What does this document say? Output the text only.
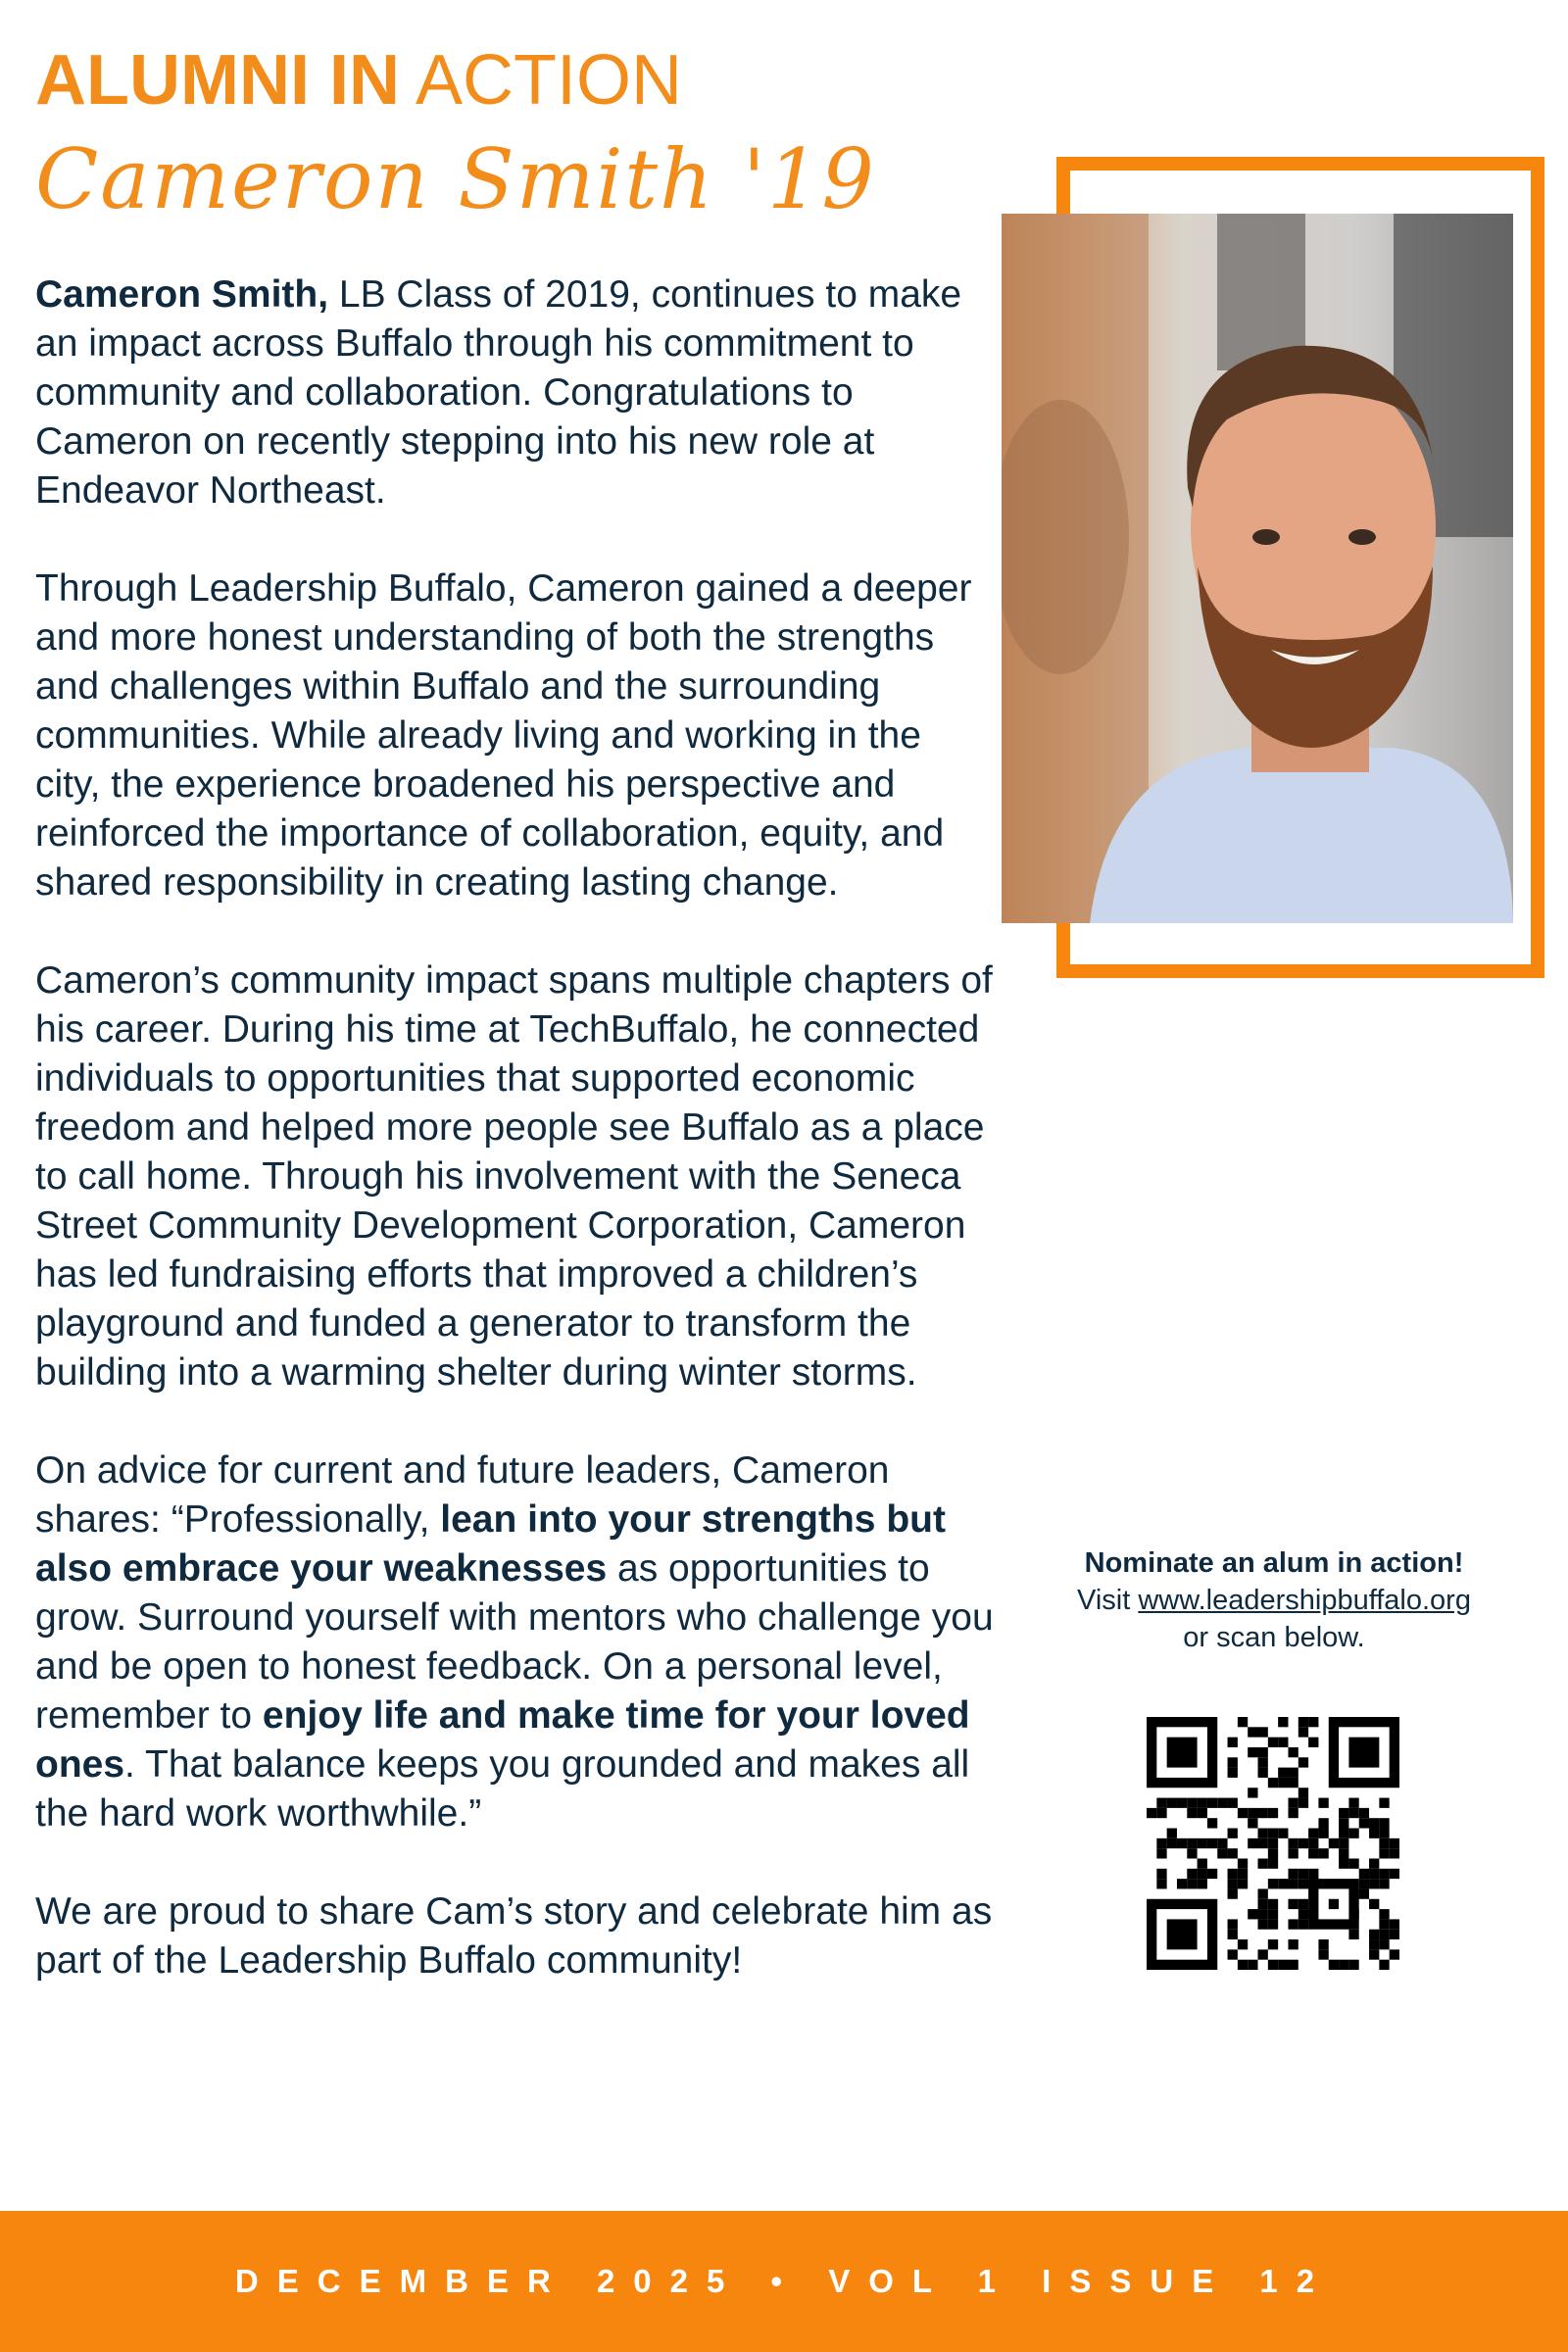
ALUMNI IN ACTION
Cameron Smith '19

Cameron Smith, LB Class of 2019, continues to make an impact across Buffalo through his commitment to community and collaboration. Congratulations to Cameron on recently stepping into his new role at Endeavor Northeast.

Through Leadership Buffalo, Cameron gained a deeper and more honest understanding of both the strengths and challenges within Buffalo and the surrounding communities. While already living and working in the city, the experience broadened his perspective and reinforced the importance of collaboration, equity, and shared responsibility in creating lasting change.

Cameron’s community impact spans multiple chapters of his career. During his time at TechBuffalo, he connected individuals to opportunities that supported economic freedom and helped more people see Buffalo as a place to call home. Through his involvement with the Seneca Street Community Development Corporation, Cameron has led fundraising efforts that improved a children’s playground and funded a generator to transform the building into a warming shelter during winter storms.

On advice for current and future leaders, Cameron shares: “Professionally, lean into your strengths but also embrace your weaknesses as opportunities to grow. Surround yourself with mentors who challenge you and be open to honest feedback. On a personal level, remember to enjoy life and make time for your loved ones. That balance keeps you grounded and makes all the hard work worthwhile.”

We are proud to share Cam’s story and celebrate him as part of the Leadership Buffalo community!

Nominate an alum in action!
Visit www.leadershipbuffalo.org
or scan below.
DECEMBER 2025 • VOL 1 ISSUE 12
